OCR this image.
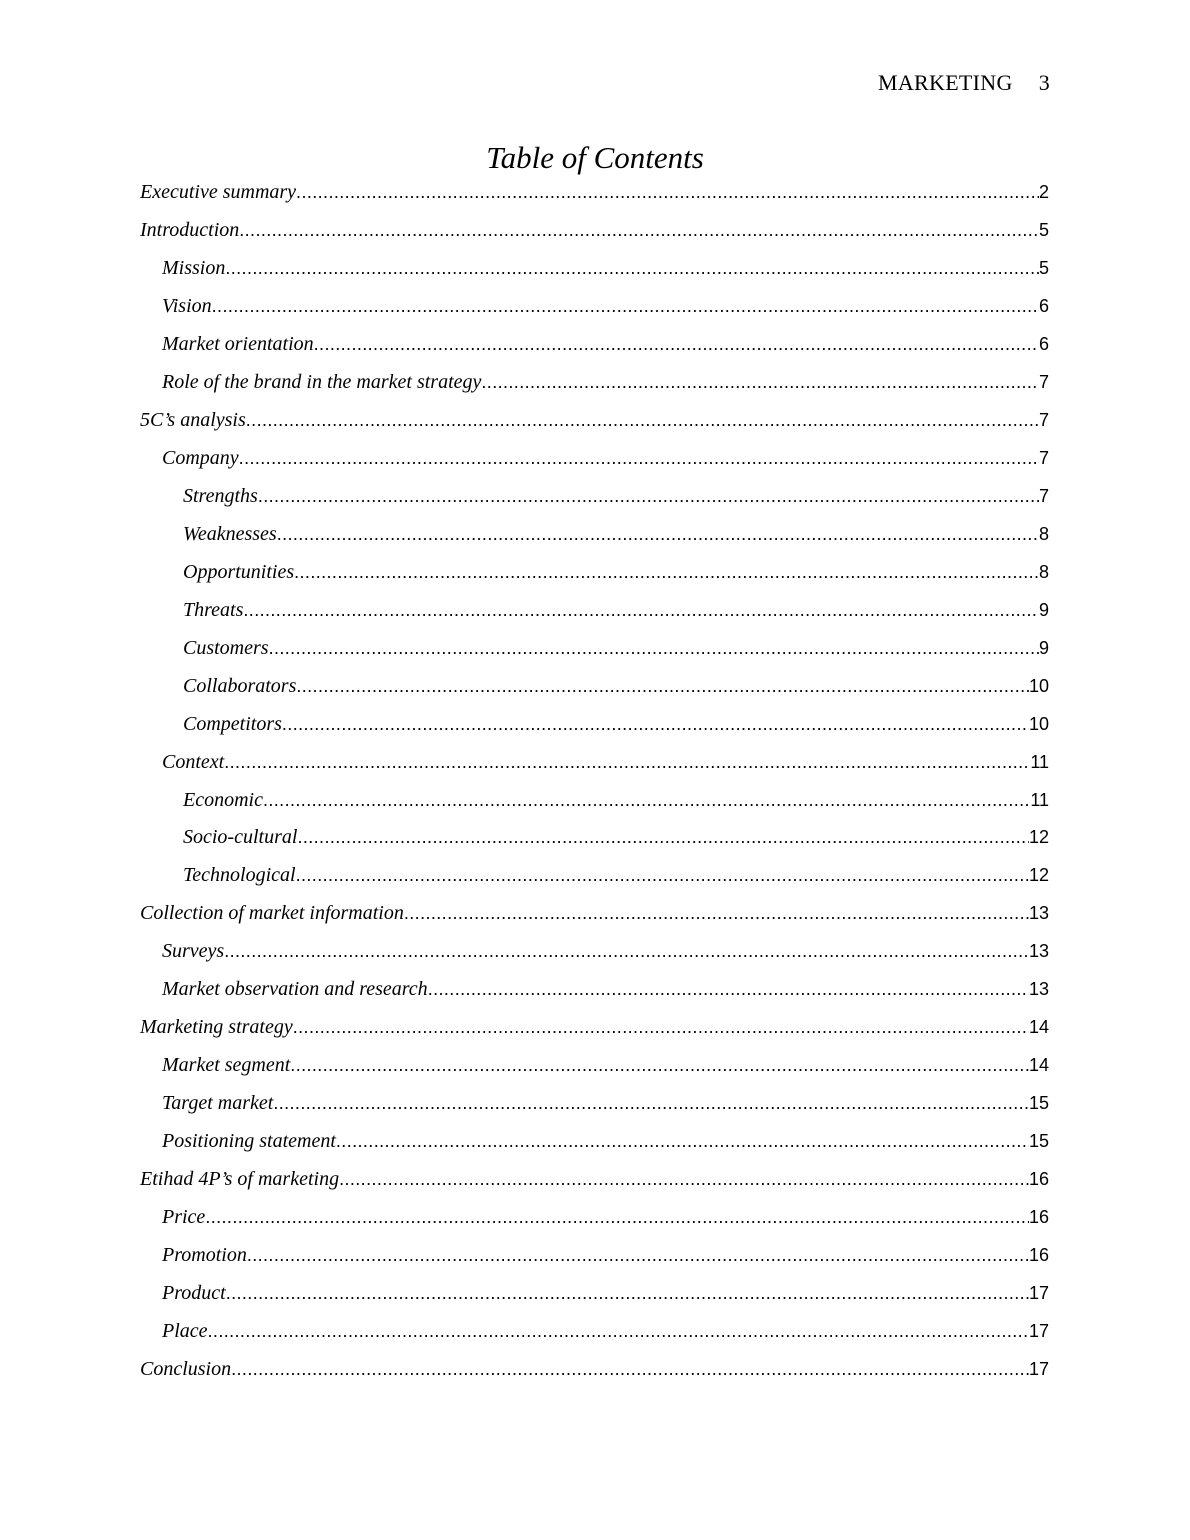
MARKETING 3
Table of Contents
Executive summary .....	2
Introduction .....	5
Mission .....	5
Vision .....	6
Market orientation .....	6
Role of the brand in the market strategy .....	7
5C’s analysis .....	7
Company .....	7
Strengths .....	7
Weaknesses .....	8
Opportunities .....	8
Threats .....	9
Customers .....	9
Collaborators .....	10
Competitors .....	10
Context .....	11
Economic .....	11
Socio-cultural .....	12
Technological .....	12
Collection of market information .....	13
Surveys .....	13
Market observation and research .....	13
Marketing strategy .....	14
Market segment .....	14
Target market .....	15
Positioning statement .....	15
Etihad 4P’s of marketing .....	16
Price .....	16
Promotion .....	16
Product .....	17
Place .....	17
Conclusion .....	17
